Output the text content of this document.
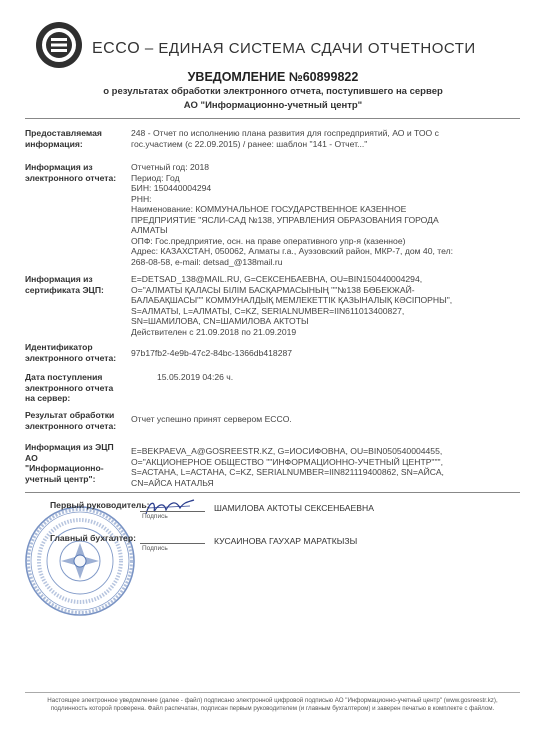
ECCO – ЕДИНАЯ СИСТЕМА СДАЧИ ОТЧЕТНОСТИ
УВЕДОМЛЕНИЕ №60899822
о результатах обработки электронного отчета, поступившего на сервер
АО "Информационно-учетный центр"
Предоставляемая
информация:
248 - Отчет по исполнению плана развития для госпредприятий, АО и ТОО с
гос.участием (с 22.09.2015) / ранее: шаблон "141 - Отчет..."
Информация из
электронного отчета:
Отчетный год: 2018
Период: Год
БИН: 150440004294
РНН:
Наименование: КОММУНАЛЬНОЕ ГОСУДАРСТВЕННОЕ КАЗЕННОЕ
ПРЕДПРИЯТИЕ "ЯСЛИ-САД №138, УПРАВЛЕНИЯ ОБРАЗОВАНИЯ ГОРОДА
АЛМАТЫ
ОПФ: Гос.предприятие, осн. на праве оперативного упр-я (казенное)
Адрес: КАЗАХСТАН, 050062, Алматы г.а., Ауэзовский район, МКР-7, дом 40, тел:
268-08-58, e-mail: detsad_@138mail.ru
Информация из
сертификата ЭЦП:
E=DETSAD_138@MAIL.RU, G=СЕКСЕНБАЕВНА, OU=BIN150440004294,
O="АЛМАТЫ ҚАЛАСЫ БІЛІМ БАСҚАРМАСЫНЫҢ ""№138 БӨБЕКЖАЙ-
БАЛАБАҚШАСЫ"" КОММУНАЛДЫҚ МЕМЛЕКЕТТІК ҚАЗЫНАЛЫҚ КӘСІПОРНЫ",
S=АЛМАТЫ, L=АЛМАТЫ, C=KZ, SERIALNUMBER=IIN611013400827,
SN=ШАМИЛОВА, CN=ШАМИЛОВА АКТОТЫ
Действителен с 21.09.2018 по 21.09.2019
Идентификатор
электронного отчета: 97b17fb2-4e9b-47c2-84bc-1366db418287
Дата поступления
электронного отчета
на сервер:
15.05.2019 04:26 ч.
Результат обработки
электронного отчета:
Отчет успешно принят сервером ECCO.
Информация из ЭЦП
АО "Информационно-
учетный центр":
E=BEKPAEVA_A@GOSREESTR.KZ, G=ИОСИФОВНА, OU=BIN050540004455,
O="АКЦИОНЕРНОЕ ОБЩЕСТВО ""ИНФОРМАЦИОННО-УЧЕТНЫЙ ЦЕНТР""",
S=АСТАНА, L=АСТАНА, C=KZ, SERIALNUMBER=IIN821119400862, SN=АЙСА,
CN=АЙСА НАТАЛЬЯ
Первый руководитель:
Подпись
ШАМИЛОВА АКТОТЫ СЕКСЕНБАЕВНА
Главный бухгалтер:
Подпись
КУСАИНОВА ГАУХАР МАРАТКЫЗЫ
Настоящее электронное уведомление (далее - файл) подписано электронной цифровой подписью АО "Информационно-учетный центр" (www.gosreestr.kz),
подлинность которой проверена. Файл распечатан, подписан первым руководителем (и главным бухгалтером) и заверен печатью в комплекте с файлом.
